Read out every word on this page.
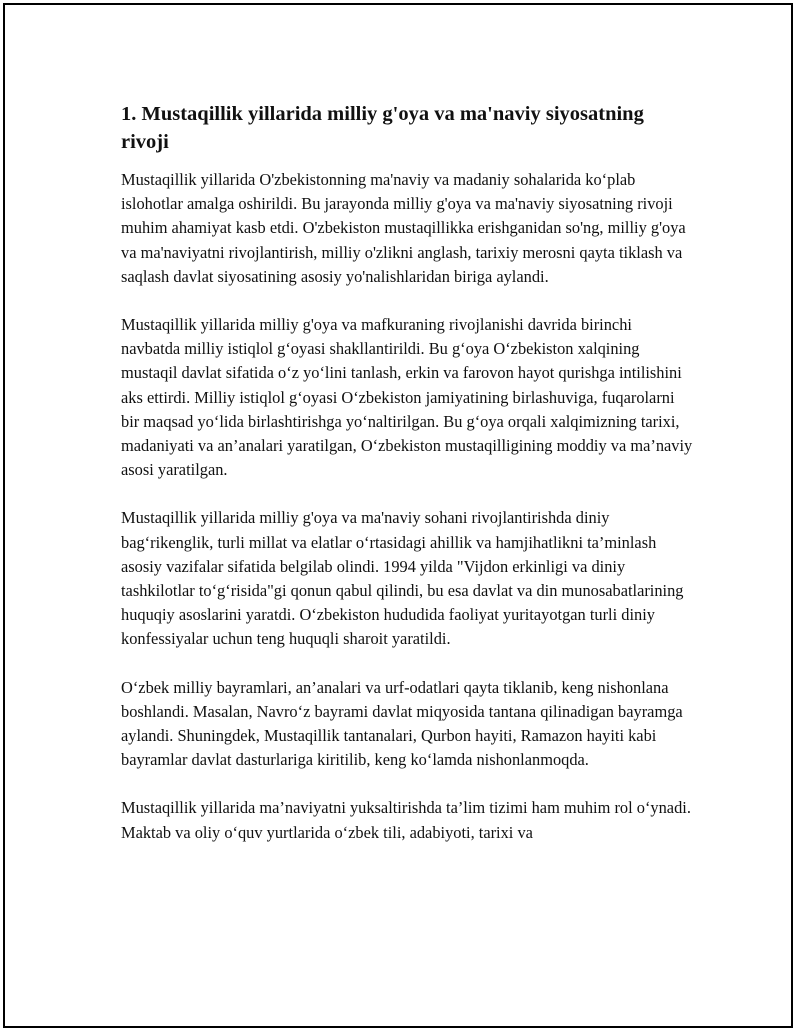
1. Mustaqillik yillarida milliy g'oya va ma'naviy siyosatning rivoji

Mustaqillik yillarida O'zbekistonning ma'naviy va madaniy sohalarida ko‘plab islohotlar amalga oshirildi. Bu jarayonda milliy g'oya va ma'naviy siyosatning rivoji muhim ahamiyat kasb etdi. O'zbekiston mustaqillikka erishganidan so'ng, milliy g'oya va ma'naviyatni rivojlantirish, milliy o'zlikni anglash, tarixiy merosni qayta tiklash va saqlash davlat siyosatining asosiy yo'nalishlaridan biriga aylandi.

Mustaqillik yillarida milliy g'oya va mafkuraning rivojlanishi davrida birinchi navbatda milliy istiqlol g‘oyasi shakllantirildi. Bu g‘oya O‘zbekiston xalqining mustaqil davlat sifatida o‘z yo‘lini tanlash, erkin va farovon hayot qurishga intilishini aks ettirdi. Milliy istiqlol g‘oyasi O‘zbekiston jamiyatining birlashuviga, fuqarolarni bir maqsad yo‘lida birlashtirishga yo‘naltirilgan. Bu g‘oya orqali xalqimizning tarixi, madaniyati va an’analari yaratilgan, O‘zbekiston mustaqilligining moddiy va ma’naviy asosi yaratilgan.

Mustaqillik yillarida milliy g'oya va ma'naviy sohani rivojlantirishda diniy bag‘rikenglik, turli millat va elatlar o‘rtasidagi ahillik va hamjihatlikni ta’minlash asosiy vazifalar sifatida belgilab olindi. 1994 yilda "Vijdon erkinligi va diniy tashkilotlar to‘g‘risida"gi qonun qabul qilindi, bu esa davlat va din munosabatlarining huquqiy asoslarini yaratdi. O‘zbekiston hududida faoliyat yuritayotgan turli diniy konfessiyalar uchun teng huquqli sharoit yaratildi.

O‘zbek milliy bayramlari, an’analari va urf-odatlari qayta tiklanib, keng nishonlana boshlandi. Masalan, Navro‘z bayrami davlat miqyosida tantana qilinadigan bayramga aylandi. Shuningdek, Mustaqillik tantanalari, Qurbon hayiti, Ramazon hayiti kabi bayramlar davlat dasturlariga kiritilib, keng ko‘lamda nishonlanmoqda.

Mustaqillik yillarida ma’naviyatni yuksaltirishda ta’lim tizimi ham muhim rol o‘ynadi. Maktab va oliy o‘quv yurtlarida o‘zbek tili, adabiyoti, tarixi va
